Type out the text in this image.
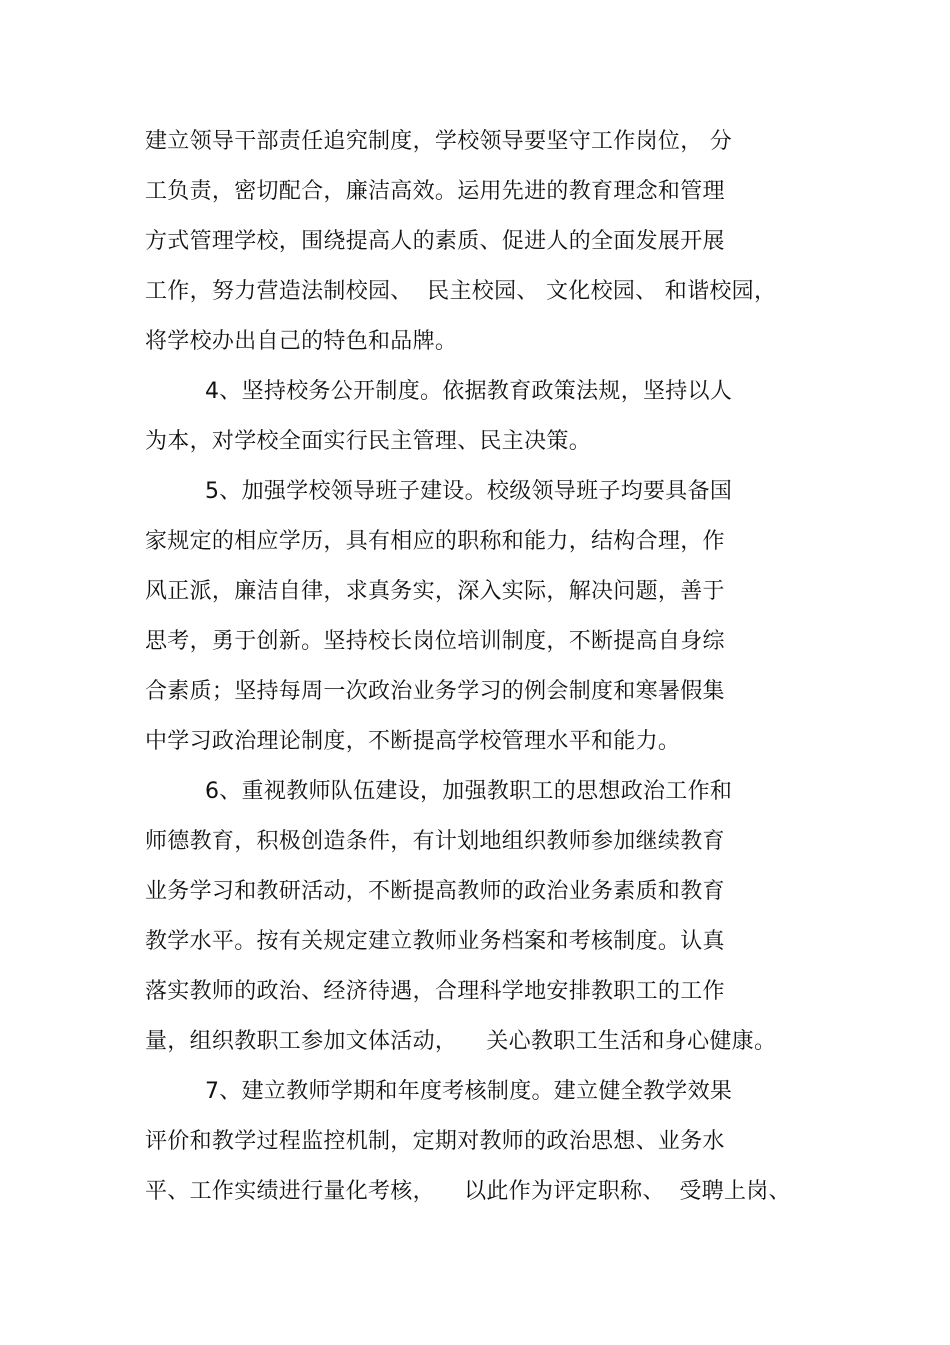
建立领导干部责任追究制度，学校领导要坚守工作岗位， 分
工负责，密切配合，廉洁高效。运用先进的教育理念和管理
方式管理学校，围绕提高人的素质、促进人的全面发展开展
工作，努力营造法制校园、  民主校园、 文化校园、 和谐校园，
将学校办出自己的特色和品牌。
4、坚持校务公开制度。依据教育政策法规，坚持以人
为本，对学校全面实行民主管理、民主决策。
5、加强学校领导班子建设。校级领导班子均要具备国
家规定的相应学历，具有相应的职称和能力，结构合理，作
风正派，廉洁自律，求真务实，深入实际，解决问题，善于
思考，勇于创新。坚持校长岗位培训制度，不断提高自身综
合素质；坚持每周一次政治业务学习的例会制度和寒暑假集
中学习政治理论制度，不断提高学校管理水平和能力。
6、重视教师队伍建设，加强教职工的思想政治工作和
师德教育，积极创造条件，有计划地组织教师参加继续教育
业务学习和教研活动，不断提高教师的政治业务素质和教育
教学水平。按有关规定建立教师业务档案和考核制度。认真
落实教师的政治、经济待遇，合理科学地安排教职工的工作
量，组织教职工参加文体活动，    关心教职工生活和身心健康。
7、建立教师学期和年度考核制度。建立健全教学效果
评价和教学过程监控机制，定期对教师的政治思想、业务水
平、工作实绩进行量化考核，    以此作为评定职称、  受聘上岗、
